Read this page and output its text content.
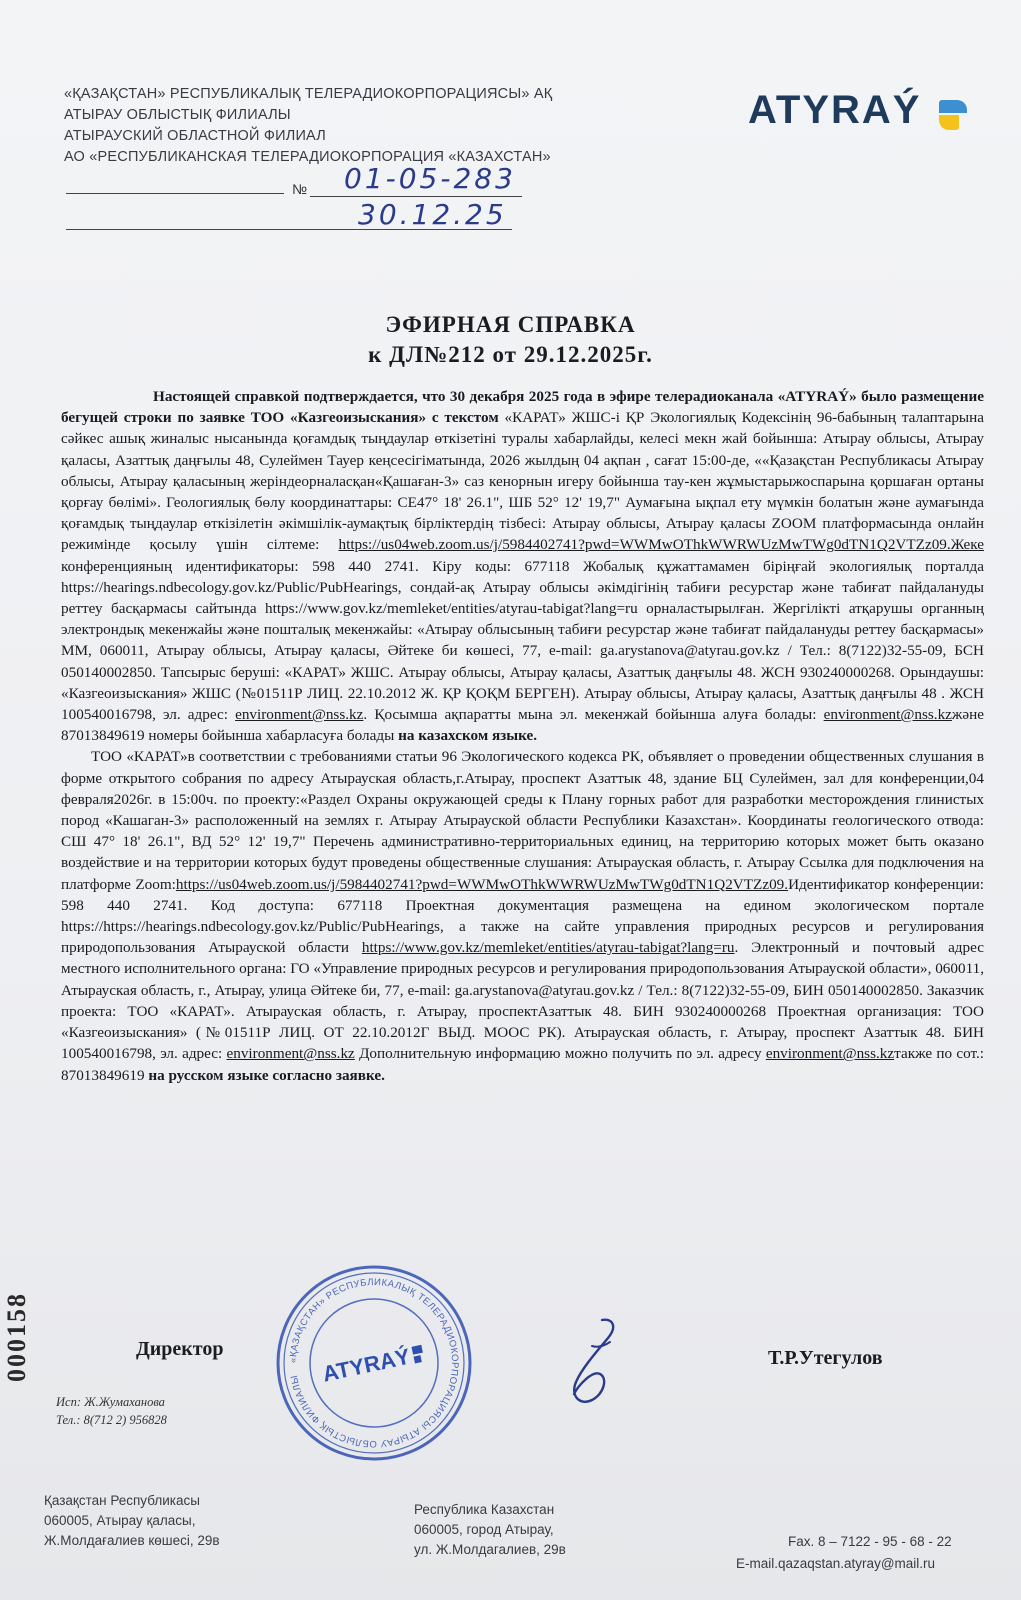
«ҚАЗАҚСТАН» РЕСПУБЛИКАЛЫҚ ТЕЛЕРАДИОКОРПОРАЦИЯСЫ» АҚ
АТЫРАУ ОБЛЫСТЫҚ ФИЛИАЛЫ
АТЫРАУСКИЙ ОБЛАСТНОЙ ФИЛИАЛ
АО «РЕСПУБЛИКАНСКАЯ ТЕЛЕРАДИОКОРПОРАЦИЯ «КАЗАХСТАН»
ATYRAÝ
№ 01-05-283
30.12.25
ЭФИРНАЯ СПРАВКА
к ДЛ№212 от 29.12.2025г.

Настоящей справкой подтверждается, что 30 декабря 2025 года в эфире телерадиоканала «ATYRAÝ» было размещение бегущей строки по заявке ТОО «Казгеоизыскания» с текстом «КАРАТ» ЖШС-і ҚР Экологиялық Кодексінің 96-бабының талаптарына сәйкес ашық жиналыс нысанында қоғамдық тыңдаулар өткізетіні туралы хабарлайды, келесі мекн жай бойынша: Атырау облысы, Атырау қаласы, Азаттық даңғылы 48, Сулеймен Тауер кеңсесігіматында, 2026 жылдың 04 ақпан , сағат 15:00-де, ««Қазақстан Республикасы Атырау облысы, Атырау қаласының жеріндеорналасқан«Қашаған-3» саз кенорнын игеру бойынша тау-кен жұмыстарыжоспарына қоршаған ортаны қорғау бөлімі». Геологиялық бөлу координаттары: СЕ47° 18' 26.1", ШБ 52° 12' 19,7" Аумағына ықпал ету мүмкін болатын және аумағында қоғамдық тыңдаулар өткізілетін әкімшілік-аумақтық бірліктердің тізбесі: Атырау облысы, Атырау қаласы ZOOM платформасында онлайн режимінде қосылу үшін сілтеме: https://us04web.zoom.us/j/5984402741?pwd=WWMwOThkWWRWUzMwTWg0dTN1Q2VTZz09.Жеке конференцияның идентификаторы: 598 440 2741. Кіру коды: 677118 Жобалық құжаттамамен біріңғай экологиялық порталда https://hearings.ndbecology.gov.kz/Public/PubHearings, сондай-ақ Атырау облысы әкімдігінің табиғи ресурстар және табиғат пайдалануды реттеу басқармасы сайтында https://www.gov.kz/memleket/entities/atyrau-tabigat?lang=ru орналастырылған. Жергілікті атқарушы органның электрондық мекенжайы және пошталық мекенжайы: «Атырау облысының табиғи ресурстар және табиғат пайдалануды реттеу басқармасы» ММ, 060011, Атырау облысы, Атырау қаласы, Әйтеке би көшесі, 77, e-mail: ga.arystanova@atyrau.gov.kz / Тел.: 8(7122)32-55-09, БСН 050140002850. Тапсырыс беруші: «КАРАТ» ЖШС. Атырау облысы, Атырау қаласы, Азаттық даңғылы 48. ЖСН 930240000268. Орындаушы: «Казгеоизыскания» ЖШС (№01511Р ЛИЦ. 22.10.2012 Ж. ҚР ҚОҚМ БЕРГЕН). Атырау облысы, Атырау қаласы, Азаттық даңғылы 48 . ЖСН 100540016798, эл. адрес: environment@nss.kz. Қосымша ақпаратты мына эл. мекенжай бойынша алуға болады: environment@nss.kzжәне 87013849619 номеры бойынша хабарласуға болады на казахском языке.

ТОО «КАРАТ»в соответствии с требованиями статьи 96 Экологического кодекса РК, объявляет о проведении общественных слушания в форме открытого собрания по адресу Атырауская область,г.Атырау, проспект Азаттык 48, здание БЦ Сулеймен, зал для конференции,04 февраля2026г. в 15:00ч. по проекту:«Раздел Охраны окружающей среды к Плану горных работ для разработки месторождения глинистых пород «Кашаган-3» расположенный на землях г. Атырау Атырауской области Республики Казахстан». Координаты геологического отвода: СШ 47° 18' 26.1", ВД 52° 12' 19,7" Перечень административно-территориальных единиц, на территорию которых может быть оказано воздействие и на территории которых будут проведены общественные слушания: Атырауская область, г. Атырау Ссылка для подключения на платформе Zoom:https://us04web.zoom.us/j/5984402741?pwd=WWMwOThkWWRWUzMwTWg0dTN1Q2VTZz09.Идентификатор конференции: 598 440 2741. Код доступа: 677118 Проектная документация размещена на едином экологическом портале https://https://hearings.ndbecology.gov.kz/Public/PubHearings, а также на сайте управления природных ресурсов и регулирования природопользования Атырауской области https://www.gov.kz/memleket/entities/atyrau-tabigat?lang=ru. Электронный и почтовый адрес местного исполнительного органа: ГО «Управление природных ресурсов и регулирования природопользования Атырауской области», 060011, Атырауская область, г., Атырау, улица Әйтеке би, 77, e-mail: ga.arystanova@atyrau.gov.kz / Тел.: 8(7122)32-55-09, БИН 050140002850. Заказчик проекта: ТОО «КАРАТ». Атырауская область, г. Атырау, проспектАзаттык 48. БИН 930240000268 Проектная организация: ТОО «Казгеоизыскания» (№01511Р ЛИЦ. ОТ 22.10.2012Г ВЫД. МООС РК). Атырауская область, г. Атырау, проспект Азаттык 48. БИН 100540016798, эл. адрес: environment@nss.kz Дополнительную информацию можно получить по эл. адресу environment@nss.kzтакже по сот.: 87013849619 на русском языке согласно заявке.

Директор	Т.Р.Утегулов
Исп: Ж.Жумаханова
Тел.: 8(712 2) 956828
000158	«ҚАЗАҚСТАН» РЕСПУБЛИКАЛЫҚ ТЕЛЕРАДИОКОРПОРАЦИЯСЫ АТЫРАУ ОБЛЫСТЫҚ ФИЛИАЛЫ ATYRAÝ
Қазақстан Республикасы
060005, Атырау қаласы,
Ж.Молдағалиев көшесі, 29в
Республика Казахстан
060005, город Атырау,
ул. Ж.Молдагалиев, 29в
Fax. 8 – 7122 - 95 - 68 - 22
E-mail.qazaqstan.atyray@mail.ru
